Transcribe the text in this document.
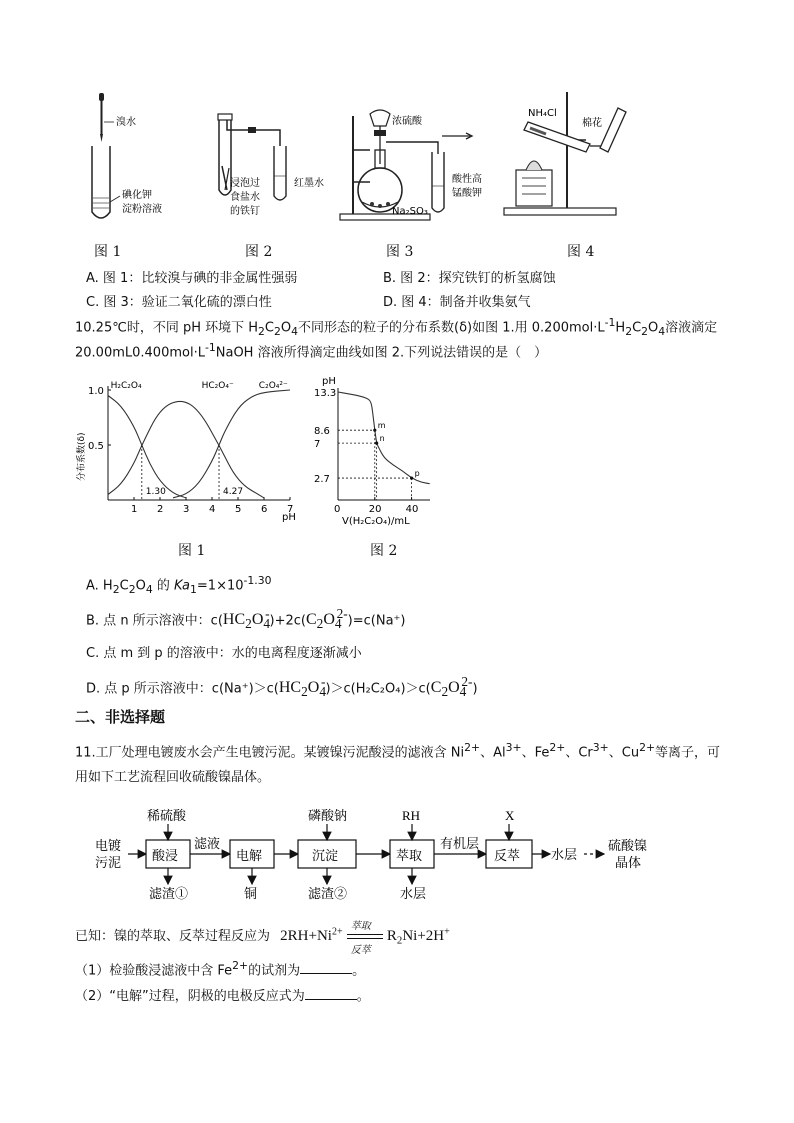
溴水
碘化钾
淀粉溶液
浸泡过
食盐水
的铁钉
红墨水
浓硫酸
Na₂SO₃
酸性高
锰酸钾
NH₄Cl
棉花
图 1	图 2	图 3	图 4
A. 图 1：比较溴与碘的非金属性强弱	B. 图 2：探究铁钉的析氢腐蚀
C. 图 3：验证二氧化硫的漂白性	D. 图 4：制备并收集氨气
10.25℃时，不同 pH 环境下 $H_2C_2O_4$不同形态的粒子的分布系数(δ)如图 1.用 $0.200mol\cdot L^{-1}H_2C_2O_4$溶液滴定
$20.00mL0.400mol\cdot L^{-1}NaOH$ 溶液所得滴定曲线如图 2.下列说法错误的是（　）
1 2 3 4 5 6 7
0.5
1.0
pH
分布系数(δ)
H₂C₂O₄	HC₂O₄⁻	C₂O₄²⁻
1.30	4.27
pH
0	20 40
V(H₂C₂O₄)/mL
2.7
7
8.6
13.3
m
n
p
图 1	图 2
A. $H_2C_2O_4$ 的 $Ka_1=1\times 10^{-1.30}$
B. 点 n 所示溶液中：$c(HC_2O_4^-)+2c(C_2O_4^{2-})=c(Na^+)$
C. 点 m 到 p 的溶液中：水的电离程度逐渐减小
D. 点 p 所示溶液中：$c(Na^+)>c(HC_2O_4^-)>c(H_2C_2O_4)>c(C_2O_4^{2-})$
二、非选择题
11.工厂处理电镀废水会产生电镀污泥。某镀镍污泥酸浸的滤液含 $Ni^{2+}$、$Al^{3+}$、$Fe^{2+}$、$Cr^{3+}$、$Cu^{2+}$等离子，可
用如下工艺流程回收硫酸镍晶体。
电镀
污泥 酸浸
稀硫酸
滤渣①
滤液
电解
铜
沉淀
磷酸钠
滤渣②
萃取
RH
水层
有机层
反萃
X
水层
硫酸镍
晶体
已知：镍的萃取、反萃过程反应为 $2RH+Ni^{2+}$
萃取
反萃
$R_2Ni+2H^+$
（1）检验酸浸滤液中含 $Fe^{2+}$的试剂为	。
（2）“电解”过程，阴极的电极反应式为	。
